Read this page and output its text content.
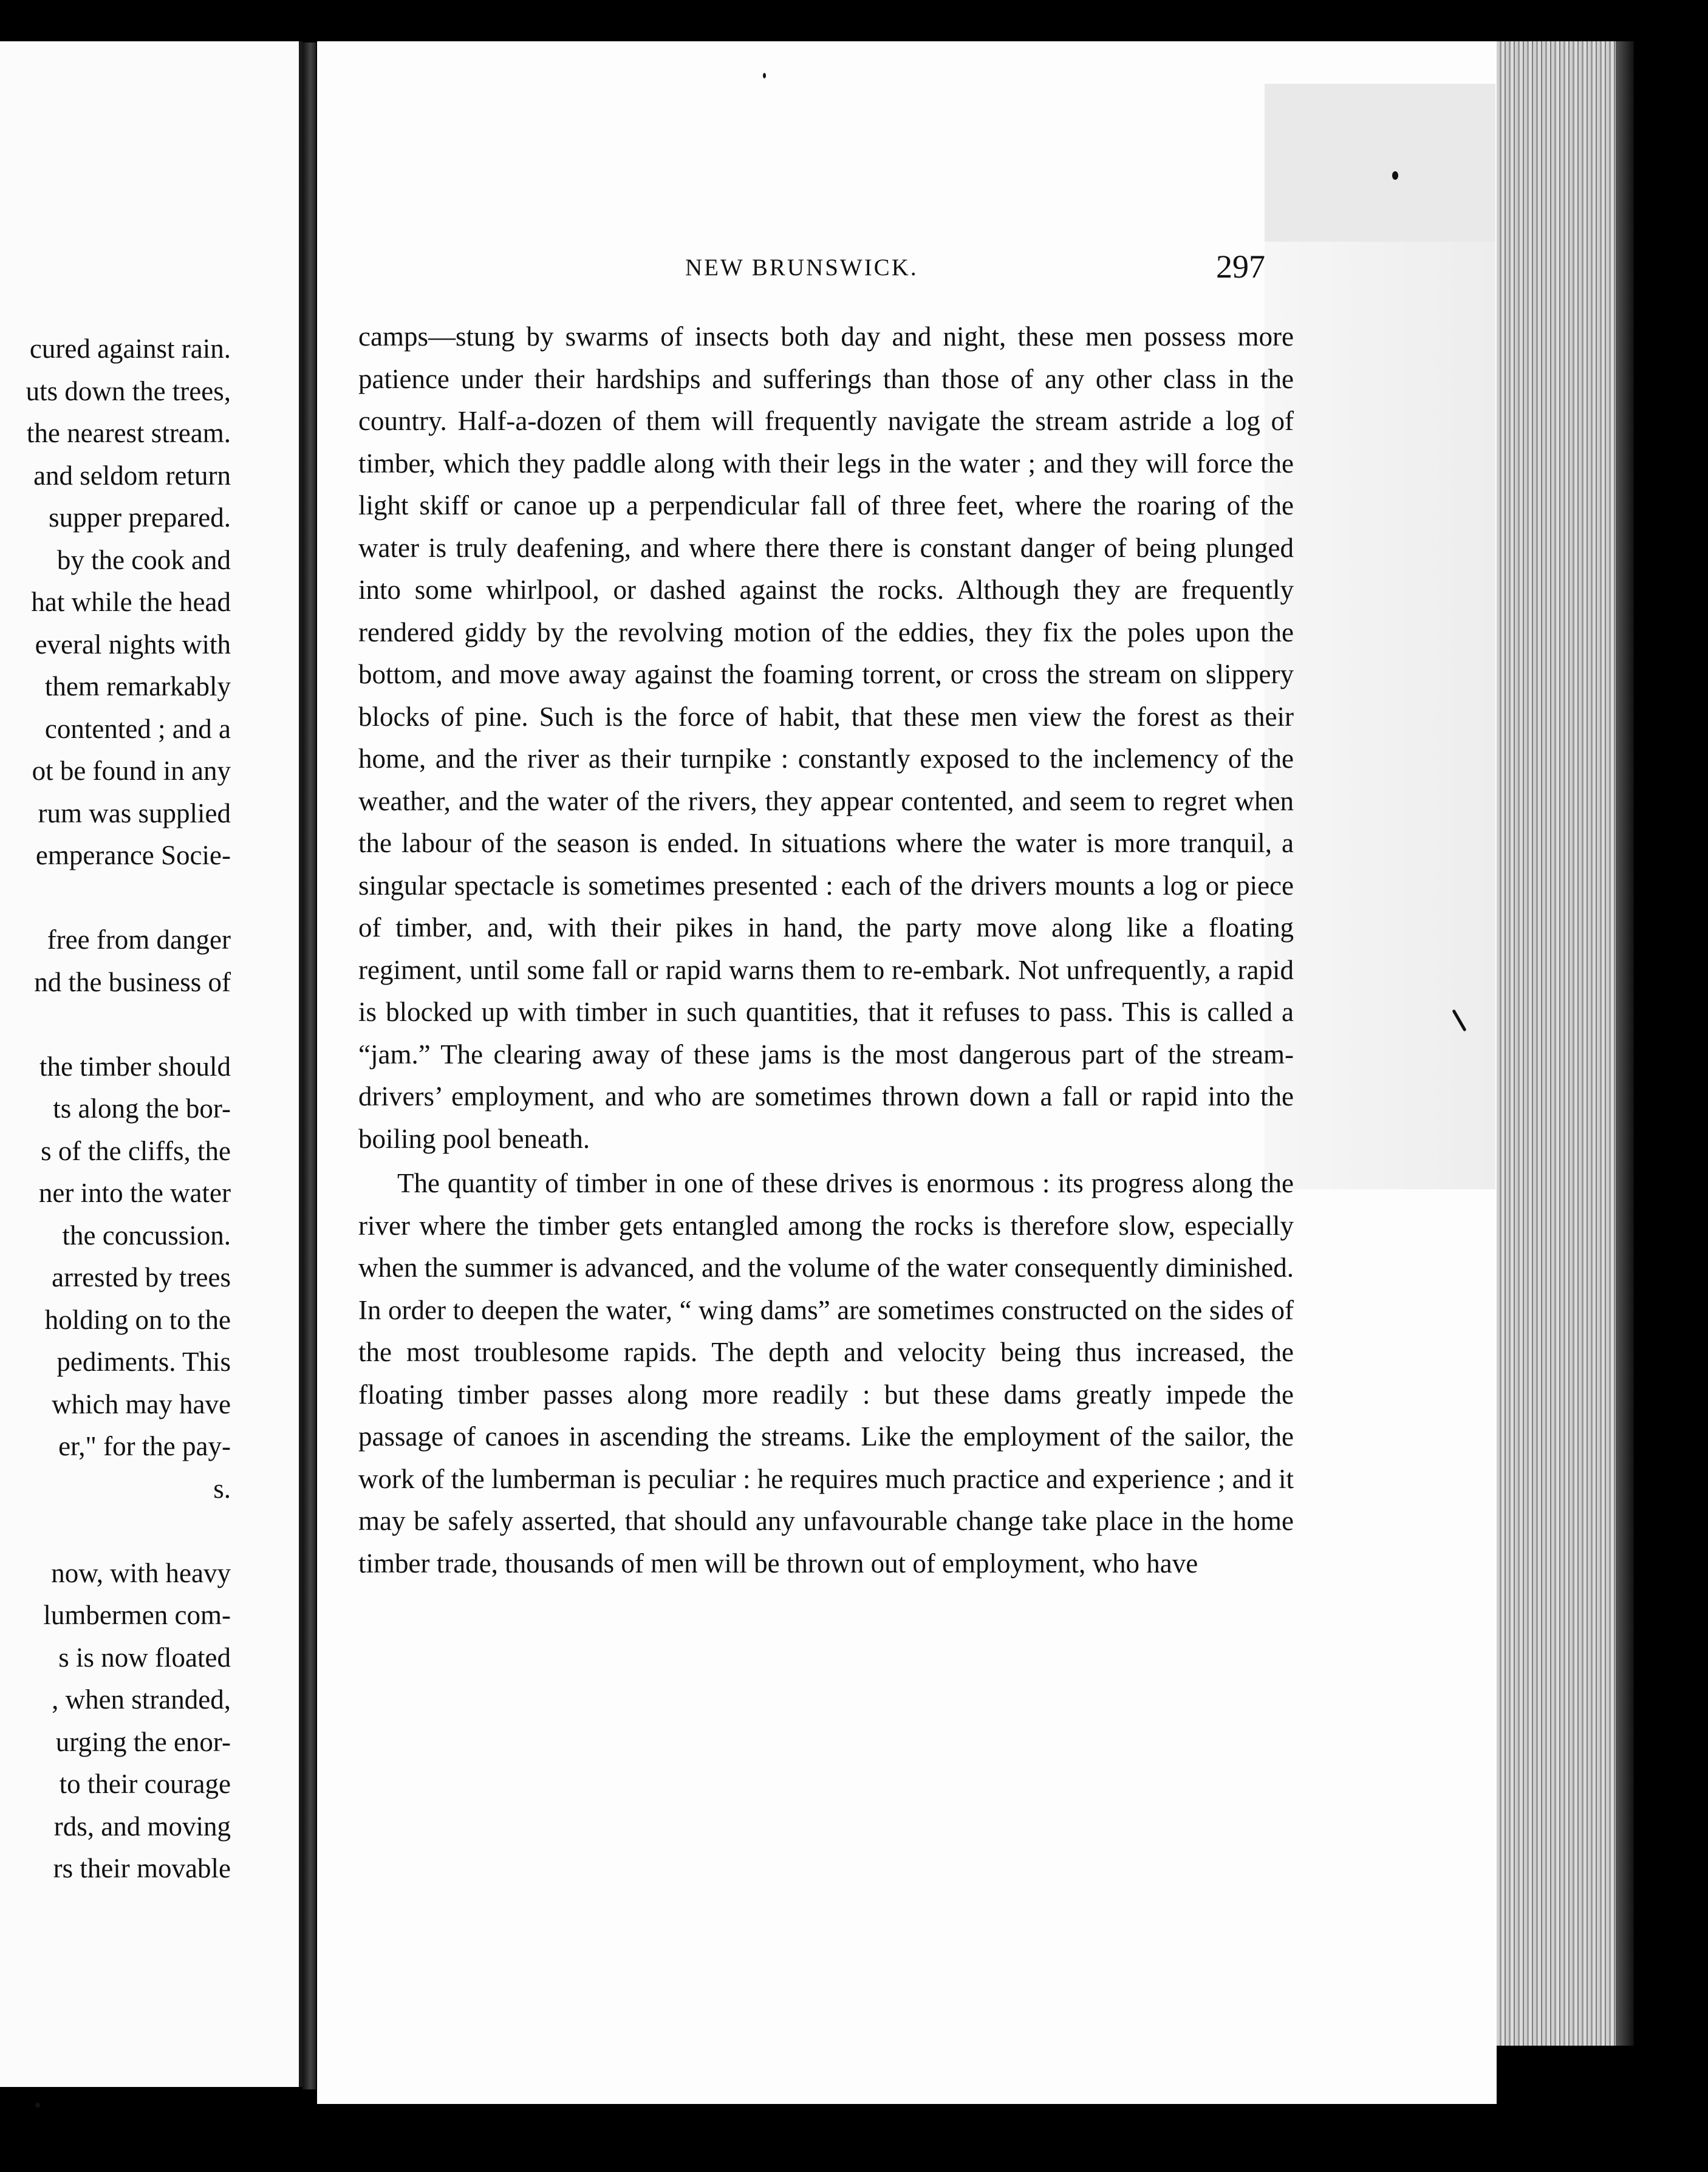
cured against rain.
uts down the trees,
the nearest stream.
and seldom return
supper prepared.
by the cook and
hat while the head
everal nights with
them remarkably
contented ; and a
ot be found in any
rum was supplied
emperance Socie-
free from danger
nd the business of
the timber should
ts along the bor-
s of the cliffs, the
ner into the water
the concussion.
arrested by trees
holding on to the
pediments. This
which may have
er," for the pay-
s.
now, with heavy
lumbermen com-
s is now floated
, when stranded,
urging the enor-
to their courage
rds, and moving
rs their movable
NEW BRUNSWICK.	297

camps—stung by swarms of insects both day and night, these men possess more patience under their hardships and sufferings than those of any other class in the country. Half-a-dozen of them will frequently navigate the stream astride a log of timber, which they paddle along with their legs in the water ; and they will force the light skiff or canoe up a perpendicular fall of three feet, where the roaring of the water is truly deafening, and where there there is constant danger of being plunged into some whirlpool, or dashed against the rocks. Although they are frequently rendered giddy by the revolving motion of the eddies, they fix the poles upon the bottom, and move away against the foaming torrent, or cross the stream on slippery blocks of pine. Such is the force of habit, that these men view the forest as their home, and the river as their turnpike : constantly exposed to the inclemency of the weather, and the water of the rivers, they appear contented, and seem to regret when the labour of the season is ended. In situations where the water is more tranquil, a singular spectacle is sometimes presented : each of the drivers mounts a log or piece of timber, and, with their pikes in hand, the party move along like a floating regiment, until some fall or rapid warns them to re-embark. Not unfrequently, a rapid is blocked up with timber in such quantities, that it refuses to pass. This is called a “jam.” The clearing away of these jams is the most dangerous part of the stream-drivers’ employment, and who are sometimes thrown down a fall or rapid into the boiling pool beneath.

The quantity of timber in one of these drives is enormous : its progress along the river where the timber gets entangled among the rocks is therefore slow, especially when the summer is advanced, and the volume of the water consequently diminished. In order to deepen the water, “ wing dams” are sometimes constructed on the sides of the most troublesome rapids. The depth and velocity being thus increased, the floating timber passes along more readily : but these dams greatly impede the passage of canoes in ascending the streams. Like the employment of the sailor, the work of the lumberman is peculiar : he requires much practice and experience ; and it may be safely asserted, that should any unfavourable change take place in the home timber trade, thousands of men will be thrown out of employment, who have
